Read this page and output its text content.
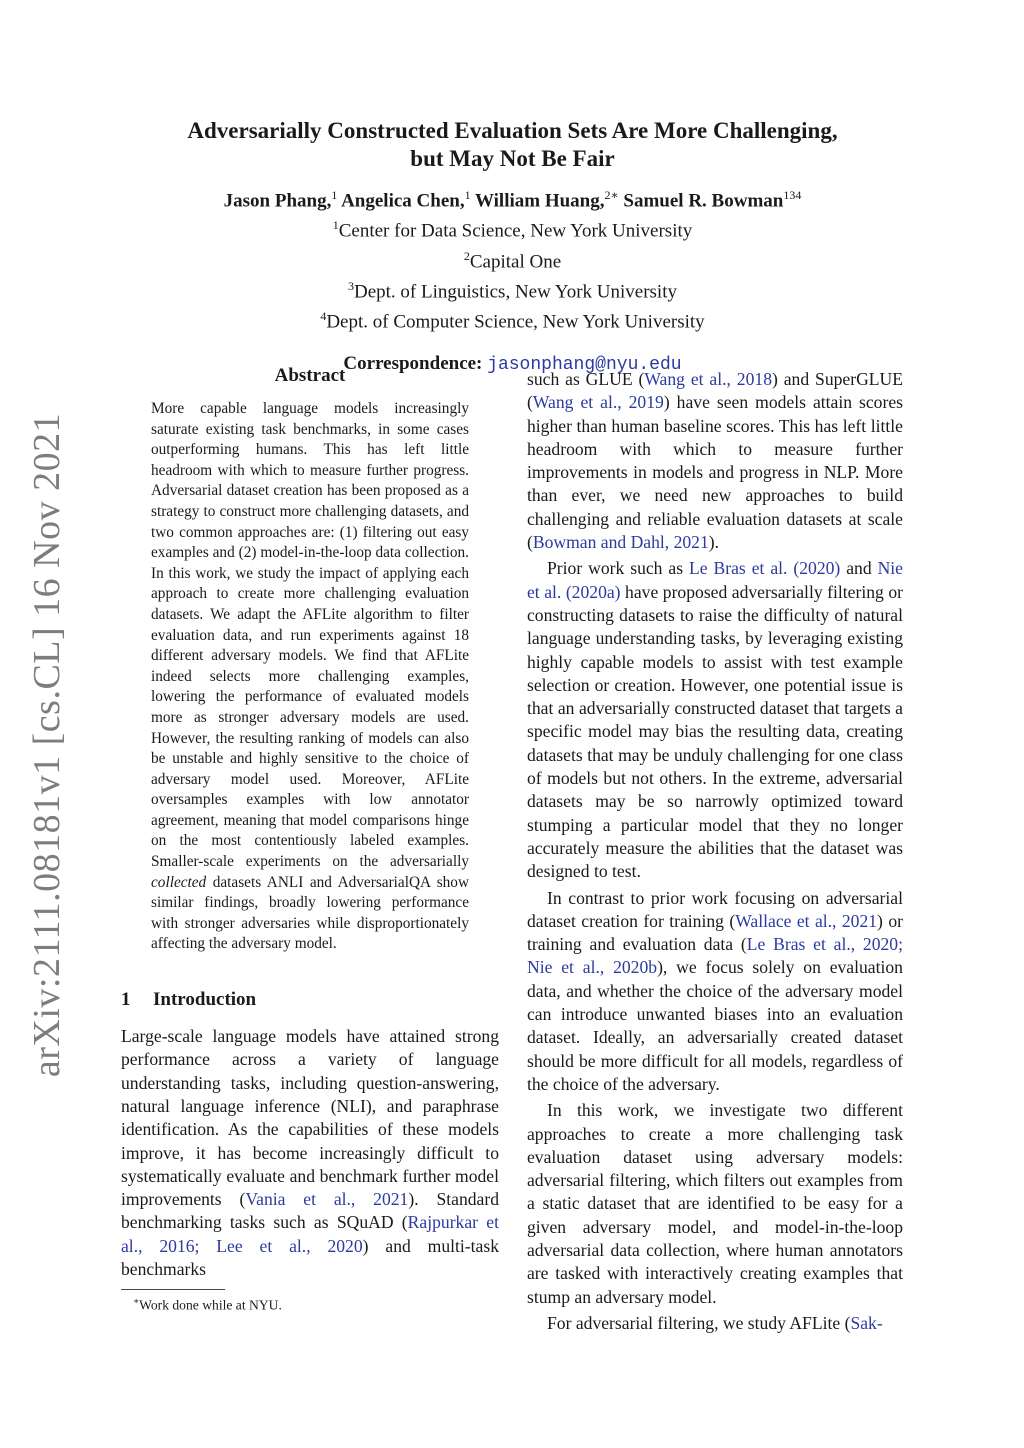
arXiv:2111.08181v1 [cs.CL] 16 Nov 2021
Adversarially Constructed Evaluation Sets Are More Challenging,
but May Not Be Fair
Jason Phang,$^1$ Angelica Chen,$^1$ William Huang,$^{2∗}$ Samuel R. Bowman$^{134}$
$^1$Center for Data Science, New York University
$^2$Capital One
$^3$Dept. of Linguistics, New York University
$^4$Dept. of Computer Science, New York University
Correspondence: jasonphang@nyu.edu
Abstract

More capable language models increasingly saturate existing task benchmarks, in some cases outperforming humans. This has left little headroom with which to measure further progress. Adversarial dataset creation has been proposed as a strategy to construct more challenging datasets, and two common approaches are: (1) filtering out easy examples and (2) model-in-the-loop data collection. In this work, we study the impact of applying each approach to create more challenging evaluation datasets. We adapt the AFLite algorithm to filter evaluation data, and run experiments against 18 different adversary models. We find that AFLite indeed selects more challenging examples, lowering the performance of evaluated models more as stronger adversary models are used. However, the resulting ranking of models can also be unstable and highly sensitive to the choice of adversary model used. Moreover, AFLite oversamples examples with low annotator agreement, meaning that model comparisons hinge on the most contentiously labeled examples. Smaller-scale experiments on the adversarially collected datasets ANLI and AdversarialQA show similar findings, broadly lowering performance with stronger adversaries while disproportionately affecting the adversary model.

1 Introduction

Large-scale language models have attained strong performance across a variety of language understanding tasks, including question-answering, natural language inference (NLI), and paraphrase identification. As the capabilities of these models improve, it has become increasingly difficult to systematically evaluate and benchmark further model improvements (Vania et al., 2021). Standard benchmarking tasks such as SQuAD (Rajpurkar et al., 2016; Lee et al., 2020) and multi-task benchmarks

∗Work done while at NYU.

such as GLUE (Wang et al., 2018) and SuperGLUE (Wang et al., 2019) have seen models attain scores higher than human baseline scores. This has left little headroom with which to measure further improvements in models and progress in NLP. More than ever, we need new approaches to build challenging and reliable evaluation datasets at scale (Bowman and Dahl, 2021).

Prior work such as Le Bras et al. (2020) and Nie et al. (2020a) have proposed adversarially filtering or constructing datasets to raise the difficulty of natural language understanding tasks, by leveraging existing highly capable models to assist with test example selection or creation. However, one potential issue is that an adversarially constructed dataset that targets a specific model may bias the resulting data, creating datasets that may be unduly challenging for one class of models but not others. In the extreme, adversarial datasets may be so narrowly optimized toward stumping a particular model that they no longer accurately measure the abilities that the dataset was designed to test.

In contrast to prior work focusing on adversarial dataset creation for training (Wallace et al., 2021) or training and evaluation data (Le Bras et al., 2020; Nie et al., 2020b), we focus solely on evaluation data, and whether the choice of the adversary model can introduce unwanted biases into an evaluation dataset. Ideally, an adversarially created dataset should be more difficult for all models, regardless of the choice of the adversary.

In this work, we investigate two different approaches to create a more challenging task evaluation dataset using adversary models: adversarial filtering, which filters out examples from a static dataset that are identified to be easy for a given adversary model, and model-in-the-loop adversarial data collection, where human annotators are tasked with interactively creating examples that stump an adversary model.

For adversarial filtering, we study AFLite (Sak-
